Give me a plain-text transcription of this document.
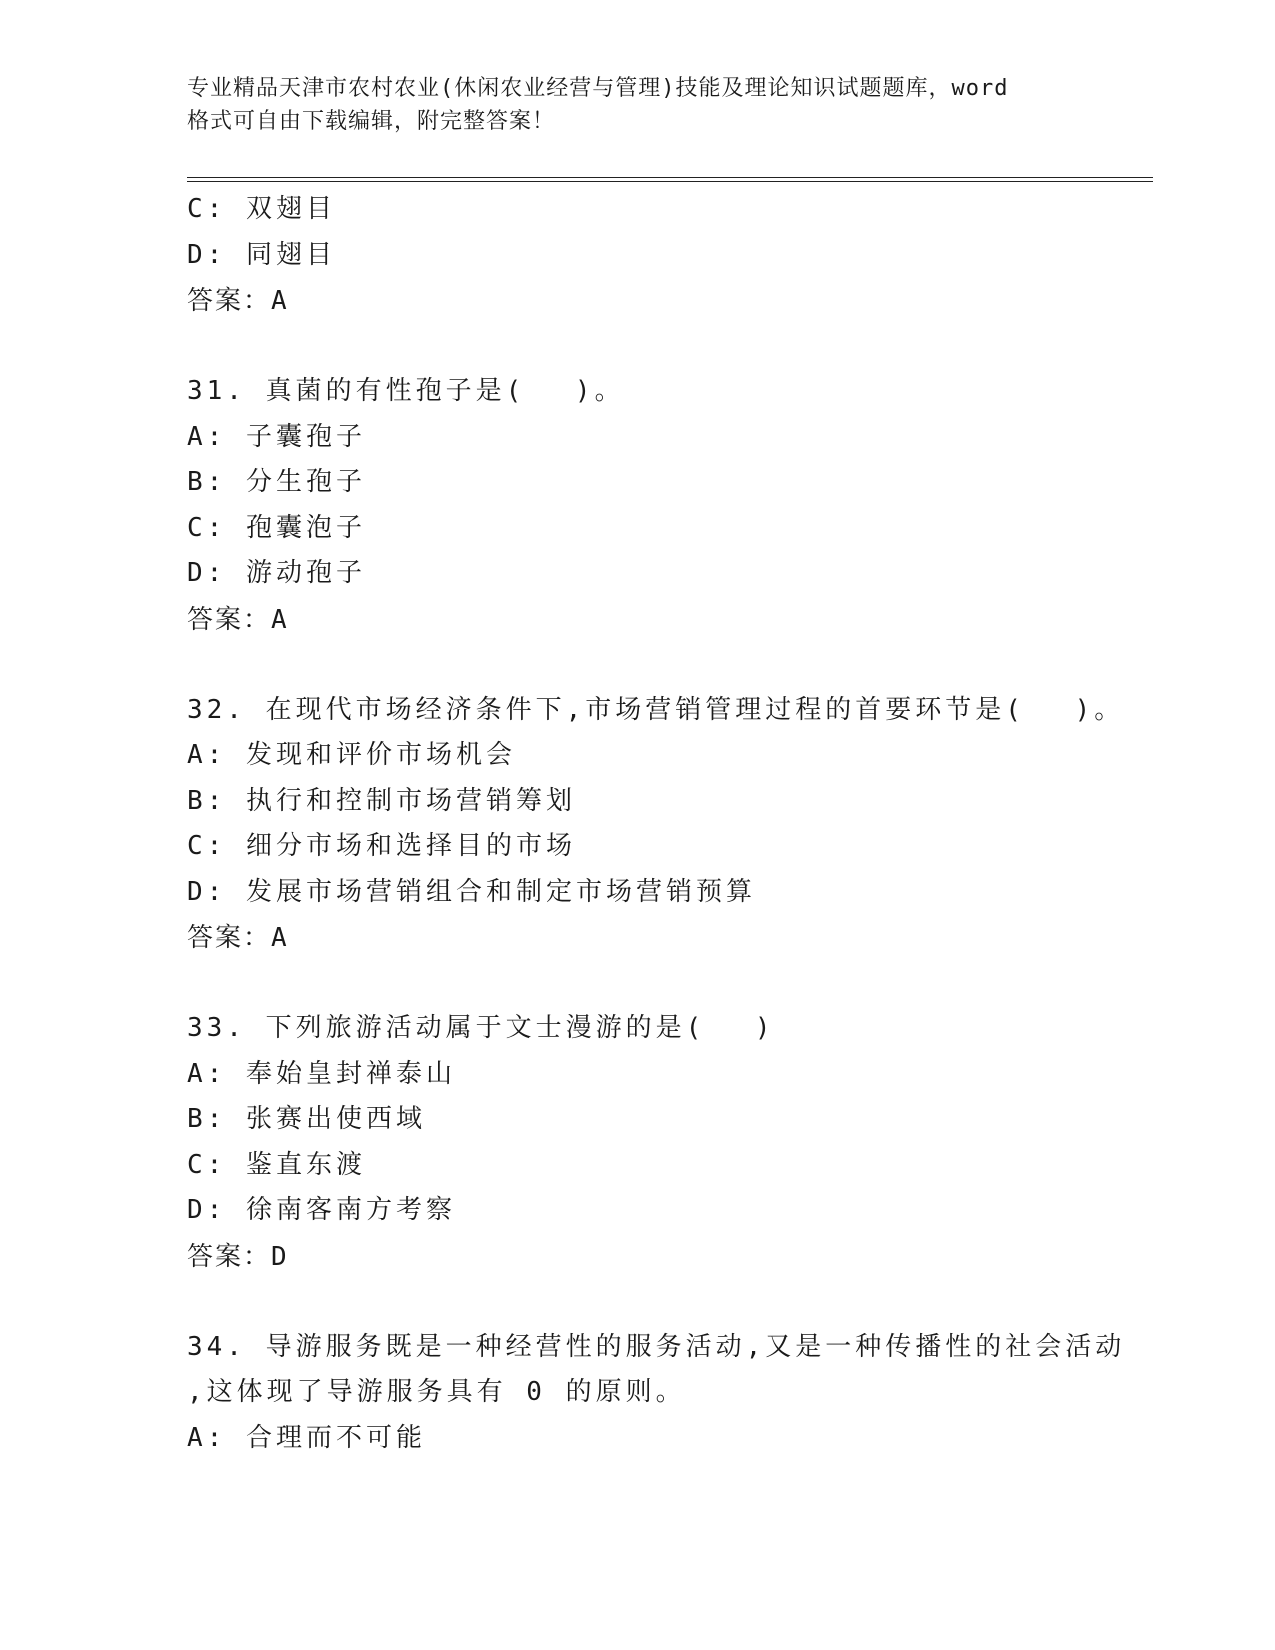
专业精品天津市农村农业(休闲农业经营与管理)技能及理论知识试题题库，word
格式可自由下载编辑，附完整答案！
C: 双翅目
D: 同翅目
答案：A
31. 真菌的有性孢子是(　 )。
A: 子囊孢子
B: 分生孢子
C: 孢囊泡子
D: 游动孢子
答案：A
32. 在现代市场经济条件下,市场营销管理过程的首要环节是(　 )。
A: 发现和评价市场机会
B: 执行和控制市场营销筹划
C: 细分市场和选择目的市场
D: 发展市场营销组合和制定市场营销预算
答案：A
33. 下列旅游活动属于文士漫游的是(　 )
A: 奉始皇封禅泰山
B: 张赛出使西域
C: 鉴直东渡
D: 徐南客南方考察
答案：D
34. 导游服务既是一种经营性的服务活动,又是一种传播性的社会活动
,这体现了导游服务具有 0 的原则。
A: 合理而不可能
